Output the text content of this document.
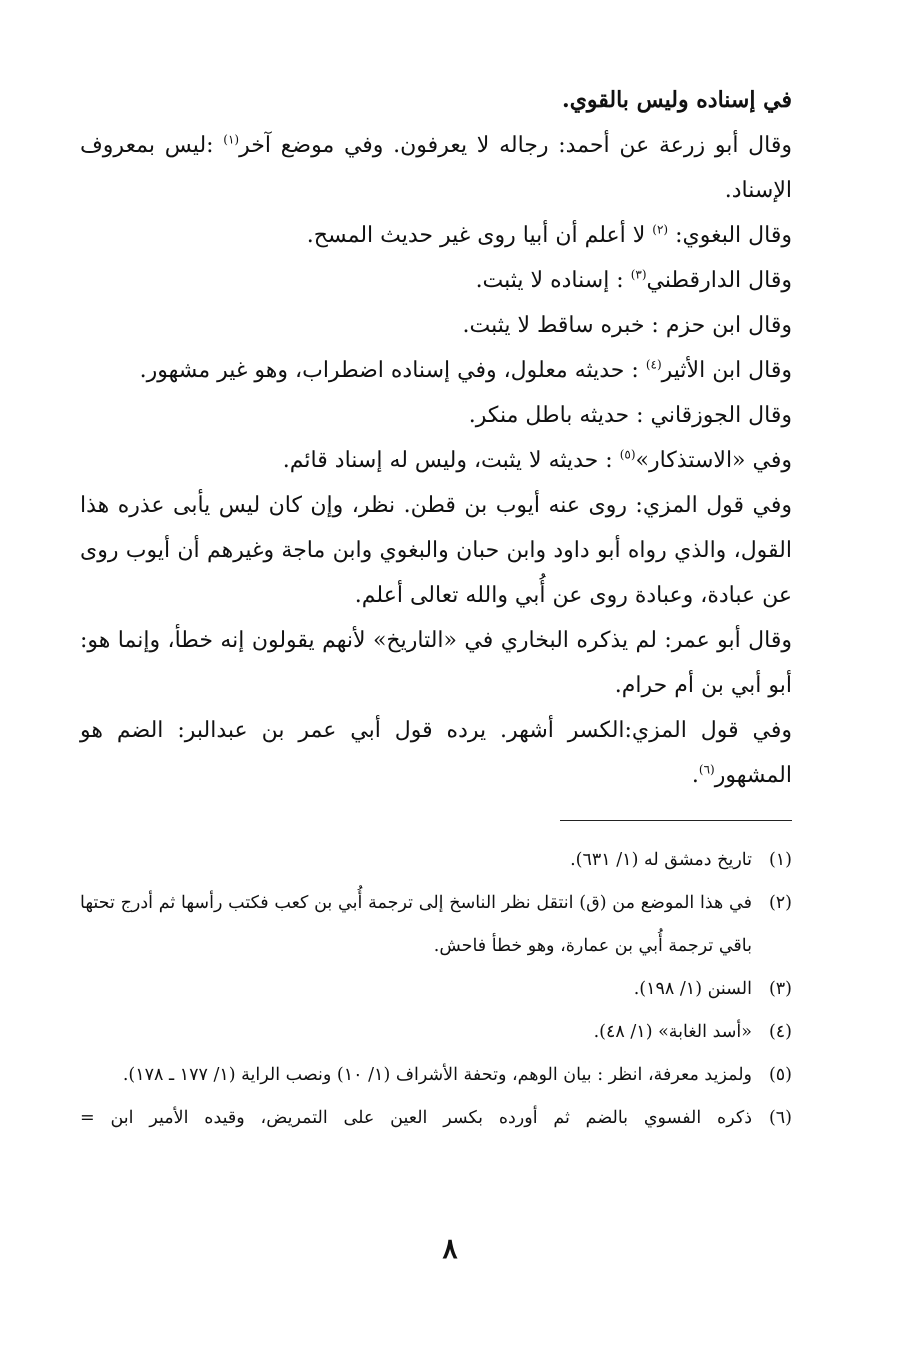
في إسناده وليس بالقوي.

وقال أبو زرعة عن أحمد: رجاله لا يعرفون. وفي موضع آخر$^{(١)}$ :ليس بمعروف الإسناد.

وقال البغوي: $^{(٢)}$ لا أعلم أن أبيا روى غير حديث المسح.

وقال الدارقطني$^{(٣)}$ : إسناده لا يثبت.

وقال ابن حزم : خبره ساقط لا يثبت.

وقال ابن الأثير$^{(٤)}$ : حديثه معلول، وفي إسناده اضطراب، وهو غير مشهور.

وقال الجوزقاني : حديثه باطل منكر.

وفي «الاستذكار»$^{(٥)}$ : حديثه لا يثبت، وليس له إسناد قائم.

وفي قول المزي: روى عنه أيوب بن قطن. نظر، وإن كان ليس يأبى عذره هذا القول، والذي رواه أبو داود وابن حبان والبغوي وابن ماجة وغيرهم أن أيوب روى عن عبادة، وعبادة روى عن أُبي والله تعالى أعلم.

وقال أبو عمر: لم يذكره البخاري في «التاريخ» لأنهم يقولون إنه خطأ، وإنما هو: أبو أبي بن أم حرام.

وفي قول المزي:الكسر أشهر. يرده قول أبي عمر بن عبدالبر: الضم هو المشهور$^{(٦)}$.

(١)
تاريخ دمشق له (١/ ٦٣١).
(٢)
في هذا الموضع من (ق) انتقل نظر الناسخ إلى ترجمة أُبي بن كعب فكتب رأسها ثم أدرج تحتها باقي ترجمة أُبي بن عمارة، وهو خطأ فاحش.
(٣)
السنن (١/ ١٩٨).
(٤)
«أسد الغابة» (١/ ٤٨).
(٥)
ولمزيد معرفة، انظر : بيان الوهم، وتحفة الأشراف (١/ ١٠) ونصب الراية (١/ ١٧٧ ـ ١٧٨).
(٦)
ذكره الفسوي بالضم ثم أورده بكسر العين على التمريض، وقيده الأمير ابن =
٨
